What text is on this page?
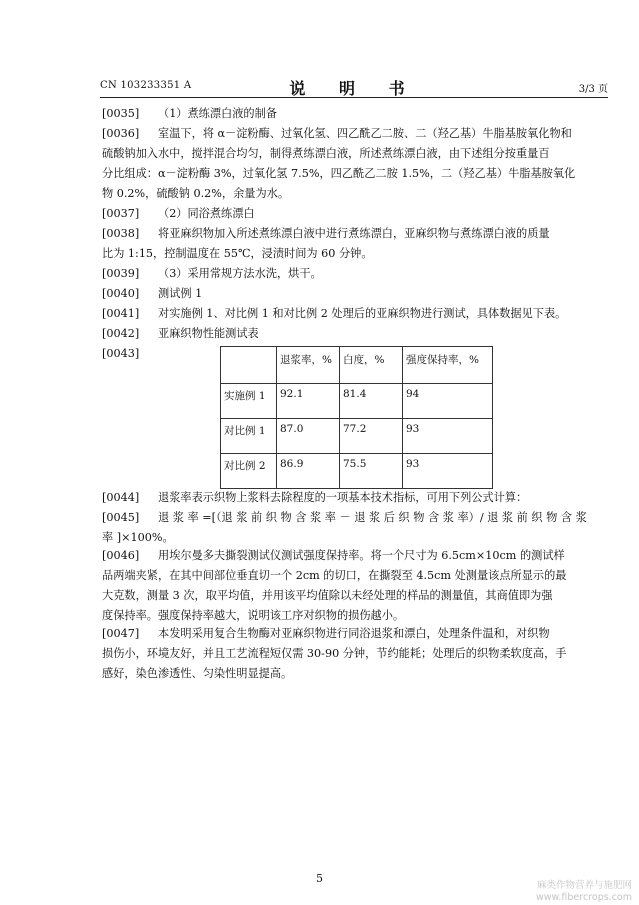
CN 103233351 A	说 明 书	3/3 页
[0035] （1）煮练漂白液的制备
[0036] 室温下，将 α－淀粉酶、过氧化氢、四乙酰乙二胺、二（羟乙基）牛脂基胺氧化物和
硫酸钠加入水中，搅拌混合均匀，制得煮练漂白液，所述煮练漂白液，由下述组分按重量百
分比组成：α－淀粉酶 3%，过氧化氢 7.5%，四乙酰乙二胺 1.5%，二（羟乙基）牛脂基胺氧化
物 0.2%，硫酸钠 0.2%，余量为水。
[0037] （2）同浴煮练漂白
[0038] 将亚麻织物加入所述煮练漂白液中进行煮练漂白，亚麻织物与煮练漂白液的质量
比为 1:15，控制温度在 55℃，浸渍时间为 60 分钟。
[0039] （3）采用常规方法水洗，烘干。
[0040] 测试例 1
[0041] 对实施例 1、对比例 1 和对比例 2 处理后的亚麻织物进行测试，具体数据见下表。
[0042] 亚麻织物性能测试表
[0043]
[0044] 退浆率表示织物上浆料去除程度的一项基本技术指标，可用下列公式计算：
[0045] 退 浆 率 =[（退 浆 前 织 物 含 浆 率 － 退 浆 后 织 物 含 浆 率）/ 退 浆 前 织 物 含 浆
率 ]×100%。
[0046] 用埃尔曼多夫撕裂测试仪测试强度保持率。将一个尺寸为 6.5cm×10cm 的测试样
品两端夹紧，在其中间部位垂直切一个 2cm 的切口，在撕裂至 4.5cm 处测量该点所显示的最
大克数，测量 3 次，取平均值，并用该平均值除以未经处理的样品的测量值，其商值即为强
度保持率。强度保持率越大，说明该工序对织物的损伤越小。
[0047] 本发明采用复合生物酶对亚麻织物进行同浴退浆和漂白，处理条件温和，对织物
损伤小，环境友好，并且工艺流程短仅需 30-90 分钟，节约能耗；处理后的织物柔软度高，手
感好，染色渗透性、匀染性明显提高。
	退浆率，%	白度，%	强度保持率，%
实施例 1	92.1	81.4	94
对比例 1	87.0	77.2	93
对比例 2	86.9	75.5	93
5
麻类作物营养与施肥网
www.fibercrops.com
